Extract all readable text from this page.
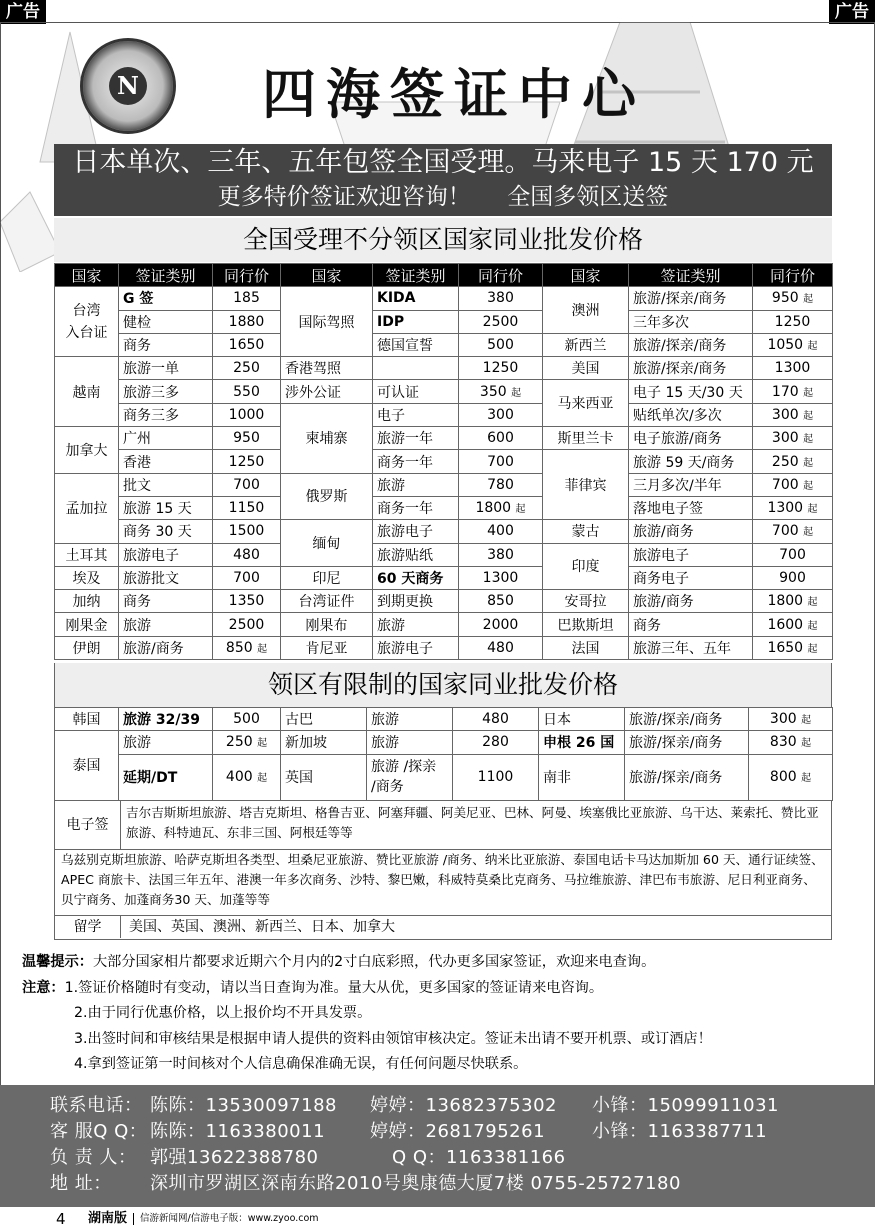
广告	广告
N 四海签证中心
日本单次、三年、五年包签全国受理。马来电子 15 天 170 元
更多特价签证欢迎咨询！     全国多领区送签
全国受理不分领区国家同业批发价格
国家	签证类别	同行价	国家	签证类别	同行价	国家	签证类别	同行价
台湾
入台证	G 签	185	国际驾照	KIDA	380	澳洲	旅游/探亲/商务	950 起
	健检	1880		IDP	2500		三年多次	1250
	商务	1650		德国宣誓	500	新西兰	旅游/探亲/商务	1050 起
越南	旅游一单	250	香港驾照		1250	美国	旅游/探亲/商务	1300
	旅游三多	550	涉外公证	可认证	350 起	马来西亚	电子 15 天/30 天	170 起
	商务三多	1000	柬埔寨	电子	300		贴纸单次/多次	300 起
加拿大	广州	950		旅游一年	600	斯里兰卡	电子旅游/商务	300 起
	香港	1250		商务一年	700	菲律宾	旅游 59 天/商务	250 起
孟加拉	批文	700	俄罗斯	旅游	780		三月多次/半年	700 起
	旅游 15 天	1150		商务一年	1800 起		落地电子签	1300 起
	商务 30 天	1500	缅甸	旅游电子	400	蒙古	旅游/商务	700 起
土耳其	旅游电子	480		旅游贴纸	380	印度	旅游电子	700
埃及	旅游批文	700	印尼	60 天商务	1300		商务电子	900
加纳	商务	1350	台湾证件	到期更换	850	安哥拉	旅游/商务	1800 起
刚果金	旅游	2500	刚果布	旅游	2000	巴欺斯坦	商务	1600 起
伊朗	旅游/商务	850 起	肯尼亚	旅游电子	480	法国	旅游三年、五年	1650 起
领区有限制的国家同业批发价格
韩国	旅游 32/39	500	古巴	旅游	480	日本	旅游/探亲/商务	300 起
泰国	旅游	250 起	新加坡	旅游	280	申根 26 国	旅游/探亲/商务	830 起
	延期/DT	400 起	英国	旅游 /探亲
/商务	1100	南非	旅游/探亲/商务	800 起
电子签
吉尔吉斯斯坦旅游、塔吉克斯坦、格鲁吉亚、阿塞拜疆、阿美尼亚、巴林、阿曼、埃塞俄比亚旅游、乌干达、莱索托、赞比亚旅游、科特迪瓦、东非三国、阿根廷等等
乌兹别克斯坦旅游、哈萨克斯坦各类型、坦桑尼亚旅游、赞比亚旅游 /商务、纳米比亚旅游、泰国电话卡马达加斯加 60 天、通行证续签、APEC 商旅卡、法国三年五年、港澳一年多次商务、沙特、黎巴嫩，科威特莫桑比克商务、马拉维旅游、津巴布韦旅游、尼日利亚商务、贝宁商务、加蓬商务30 天、加蓬等等
留学 美国、英国、澳洲、新西兰、日本、加拿大
温馨提示：大部分国家相片都要求近期六个月内的2寸白底彩照，代办更多国家签证，欢迎来电查询。
注意：1.签证价格随时有变动，请以当日查询为准。量大从优，更多国家的签证请来电咨询。
2.由于同行优惠价格，以上报价均不开具发票。
3.出签时间和审核结果是根据申请人提供的资料由领馆审核决定。签证未出请不要开机票、或订酒店！
4.拿到签证第一时间核对个人信息确保准确无误，有任何问题尽快联系。
联系电话： 陈陈：13530097188 婷婷：13682375302 小锋：15099911031
客 服Q Q： 陈陈：1163380011 婷婷：2681795261	小锋：1163387711
负 责 人： 郭强13622388780	Q Q：1163381166
地 址： 深圳市罗湖区深南东路2010号奥康德大厦7楼 0755-25727180
4 湖南版 信游新闻网/信游电子版：www.zyoo.com
